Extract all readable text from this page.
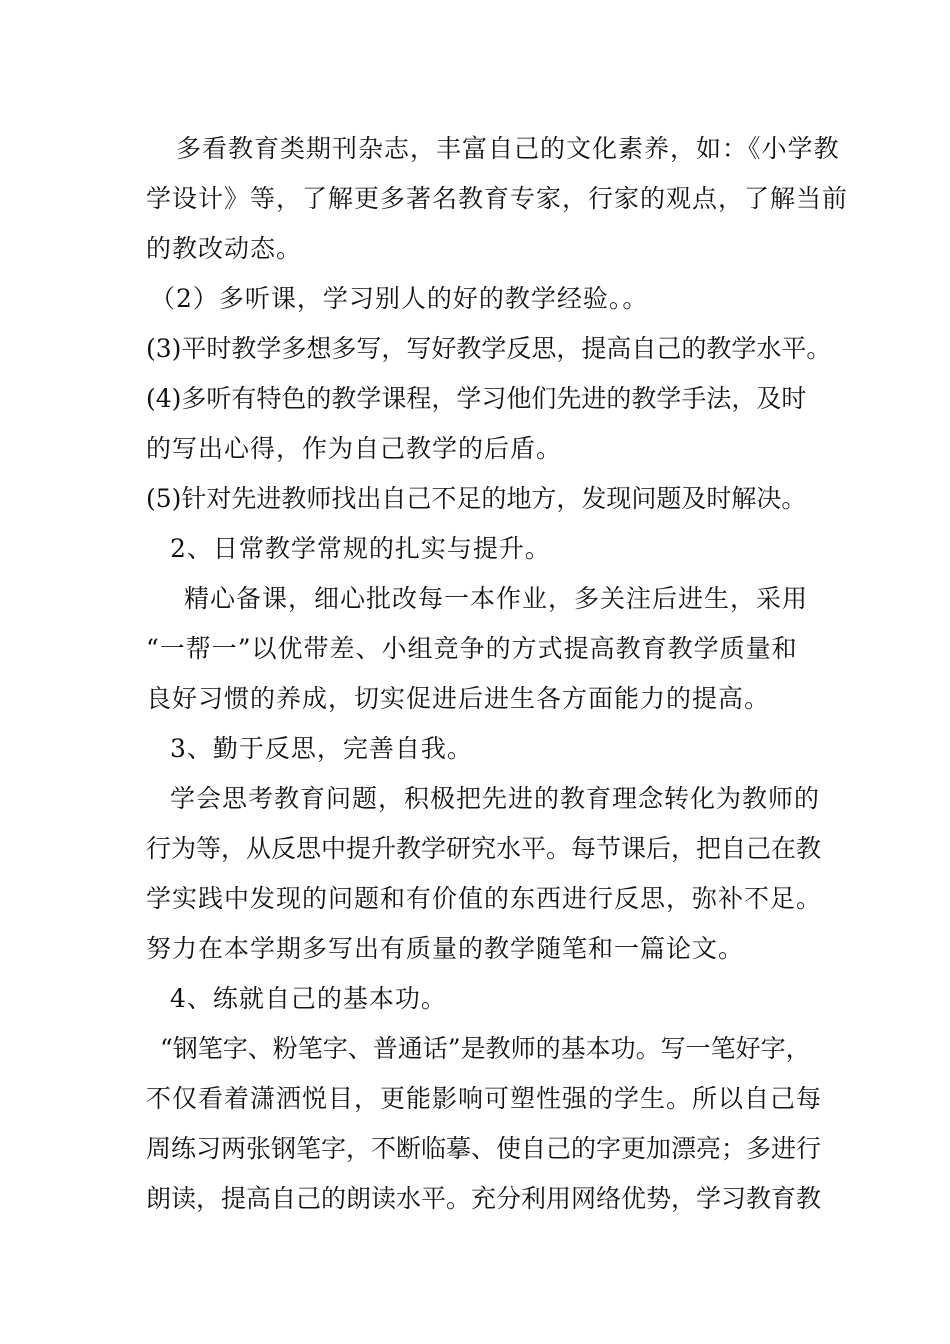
多看教育类期刊杂志，丰富自己的文化素养，如：《小学教
学设计》等，了解更多著名教育专家，行家的观点，了解当前
的教改动态。
（2）多听课，学习别人的好的教学经验。。
(3)平时教学多想多写，写好教学反思，提高自己的教学水平。
(4)多听有特色的教学课程，学习他们先进的教学手法，及时
的写出心得，作为自己教学的后盾。
(5)针对先进教师找出自己不足的地方，发现问题及时解决。
2、日常教学常规的扎实与提升。
精心备课，细心批改每一本作业，多关注后进生，采用
“一帮一”以优带差、小组竞争的方式提高教育教学质量和
良好习惯的养成，切实促进后进生各方面能力的提高。
3、勤于反思，完善自我。
学会思考教育问题，积极把先进的教育理念转化为教师的
行为等，从反思中提升教学研究水平。每节课后，把自己在教
学实践中发现的问题和有价值的东西进行反思，弥补不足。
努力在本学期多写出有质量的教学随笔和一篇论文。
4、练就自己的基本功。
“钢笔字、粉笔字、普通话”是教师的基本功。写一笔好字，
不仅看着潇洒悦目，更能影响可塑性强的学生。所以自己每
周练习两张钢笔字，不断临摹、使自己的字更加漂亮；多进行
朗读，提高自己的朗读水平。充分利用网络优势，学习教育教
